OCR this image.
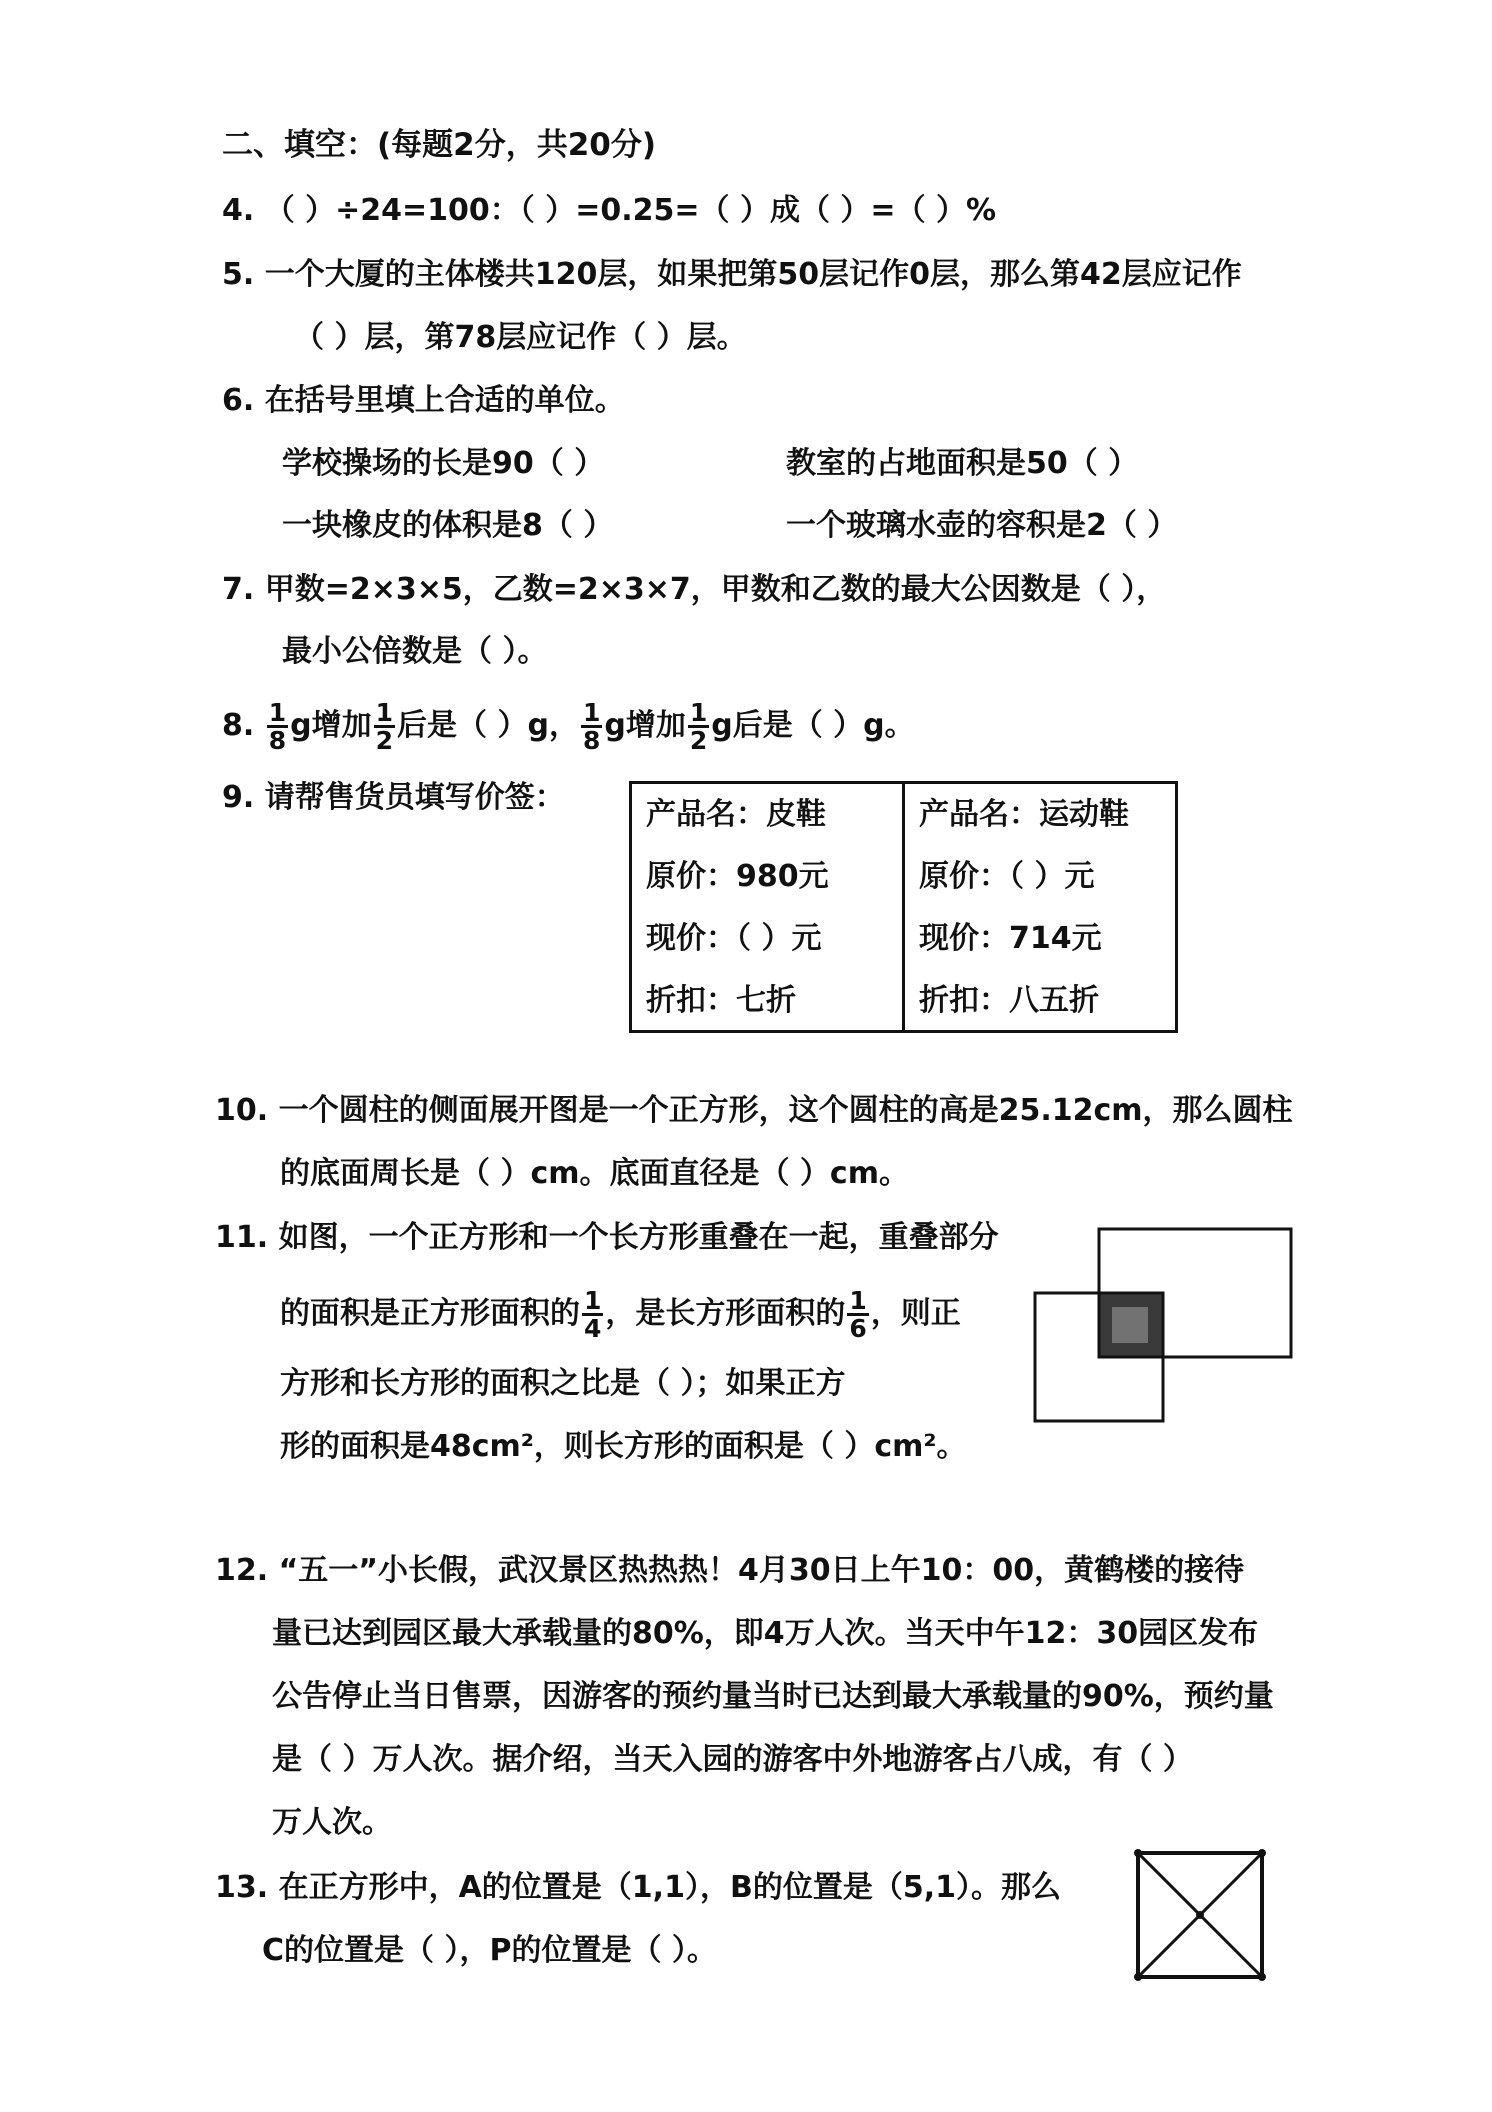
二、填空：(每题2分，共20分)
4. （ ）÷24=100：（ ）=0.25=（ ）成（ ）=（ ）%
5. 一个大厦的主体楼共120层，如果把第50层记作0层，那么第42层应记作
（ ）层，第78层应记作（ ）层。
6. 在括号里填上合适的单位。
学校操场的长是90（ ）	教室的占地面积是50（ ）
一块橡皮的体积是8（ ）	一个玻璃水壶的容积是2（ ）
7. 甲数=2×3×5，乙数=2×3×7，甲数和乙数的最大公因数是（ ），
最小公倍数是（ ）。
8. $\frac{1}{8}$ g增加 $\frac{1}{2}$ 后是（ ）g， $\frac{1}{8}$ g增加 $\frac{1}{2}$ g后是（ ）g。
9. 请帮售货员填写价签：	产品名：皮鞋
原价：980元
现价：（ ）元
折扣：七折
产品名：运动鞋
原价：（ ）元
现价：714元
折扣：八五折
10. 一个圆柱的侧面展开图是一个正方形，这个圆柱的高是25.12cm，那么圆柱
的底面周长是（ ）cm。底面直径是（ ）cm。
11. 如图，一个正方形和一个长方形重叠在一起，重叠部分
的面积是正方形面积的 $\frac{1}{4}$ ，是长方形面积的 $\frac{1}{6}$ ，则正
方形和长方形的面积之比是（ ）；如果正方
形的面积是48cm²，则长方形的面积是（ ）cm²。
12. “五一”小长假，武汉景区热热热！4月30日上午10：00，黄鹤楼的接待
量已达到园区最大承载量的80%，即4万人次。当天中午12：30园区发布
公告停止当日售票，因游客的预约量当时已达到最大承载量的90%，预约量
是（ ）万人次。据介绍，当天入园的游客中外地游客占八成，有（ ）
万人次。
13. 在正方形中，A的位置是（1,1），B的位置是（5,1）。那么
C的位置是（ ），P的位置是（ ）。
